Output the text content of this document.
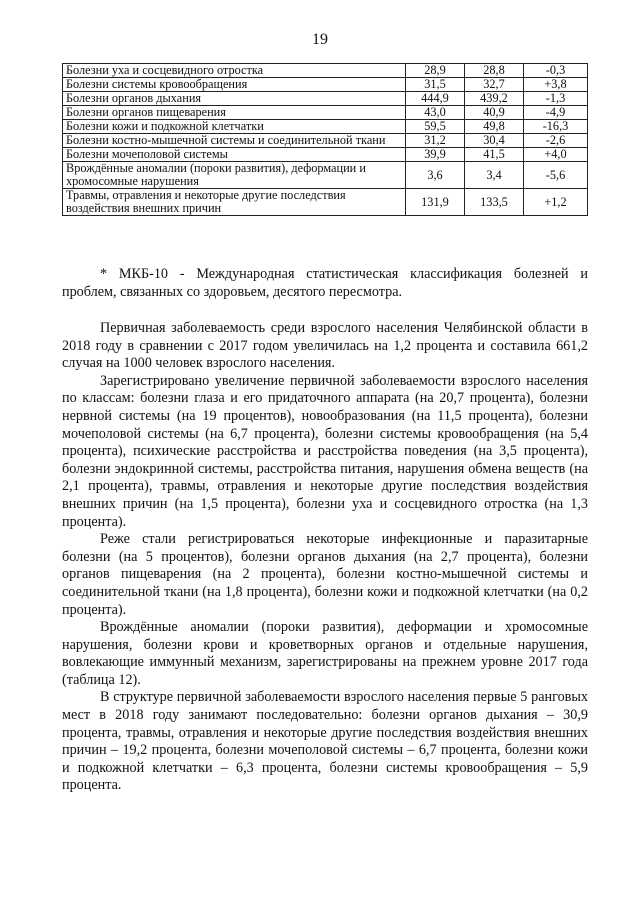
19
Болезни уха и сосцевидного отростка	28,9	28,8	-0,3
Болезни системы кровообращения	31,5	32,7	+3,8
Болезни органов дыхания	444,9	439,2	-1,3
Болезни органов пищеварения	43,0	40,9	-4,9
Болезни кожи и подкожной клетчатки	59,5	49,8	-16,3
Болезни костно-мышечной системы и соединительной ткани	31,2	30,4	-2,6
Болезни мочеполовой системы	39,9	41,5	+4,0
Врождённые аномалии (пороки развития), деформации и хромосомные нарушения	3,6	3,4	-5,6
Травмы, отравления и некоторые другие последствия воздействия внешних причин	131,9	133,5	+1,2

* МКБ-10 - Международная статистическая классификация болезней и проблем, связанных со здоровьем, десятого пересмотра.

Первичная заболеваемость среди взрослого населения Челябинской области в 2018 году в сравнении с 2017 годом увеличилась на 1,2 процента и составила 661,2 случая на 1000 человек взрослого населения.

Зарегистрировано увеличение первичной заболеваемости взрослого населения по классам: болезни глаза и его придаточного аппарата (на 20,7 процента), болезни нервной системы (на 19 процентов), новообразования (на 11,5 процента), болезни мочеполовой системы (на 6,7 процента), болезни системы кровообращения (на 5,4 процента), психические расстройства и расстройства поведения (на 3,5 процента), болезни эндокринной системы, расстройства питания, нарушения обмена веществ (на 2,1 процента), травмы, отравления и некоторые другие последствия воздействия внешних причин (на 1,5 процента), болезни уха и сосцевидного отростка (на 1,3 процента).

Реже стали регистрироваться некоторые инфекционные и паразитарные болезни (на 5 процентов), болезни органов дыхания (на 2,7 процента), болезни органов пищеварения (на 2 процента), болезни костно-мышечной системы и соединительной ткани (на 1,8 процента), болезни кожи и подкожной клетчатки (на 0,2 процента).

Врождённые аномалии (пороки развития), деформации и хромосомные нарушения, болезни крови и кроветворных органов и отдельные нарушения, вовлекающие иммунный механизм, зарегистрированы на прежнем уровне 2017 года (таблица 12).

В структуре первичной заболеваемости взрослого населения первые 5 ранговых мест в 2018 году занимают последовательно: болезни органов дыхания – 30,9 процента, травмы, отравления и некоторые другие последствия воздействия внешних причин – 19,2 процента, болезни мочеполовой системы – 6,7 процента, болезни кожи и подкожной клетчатки – 6,3 процента, болезни системы кровообращения – 5,9 процента.
